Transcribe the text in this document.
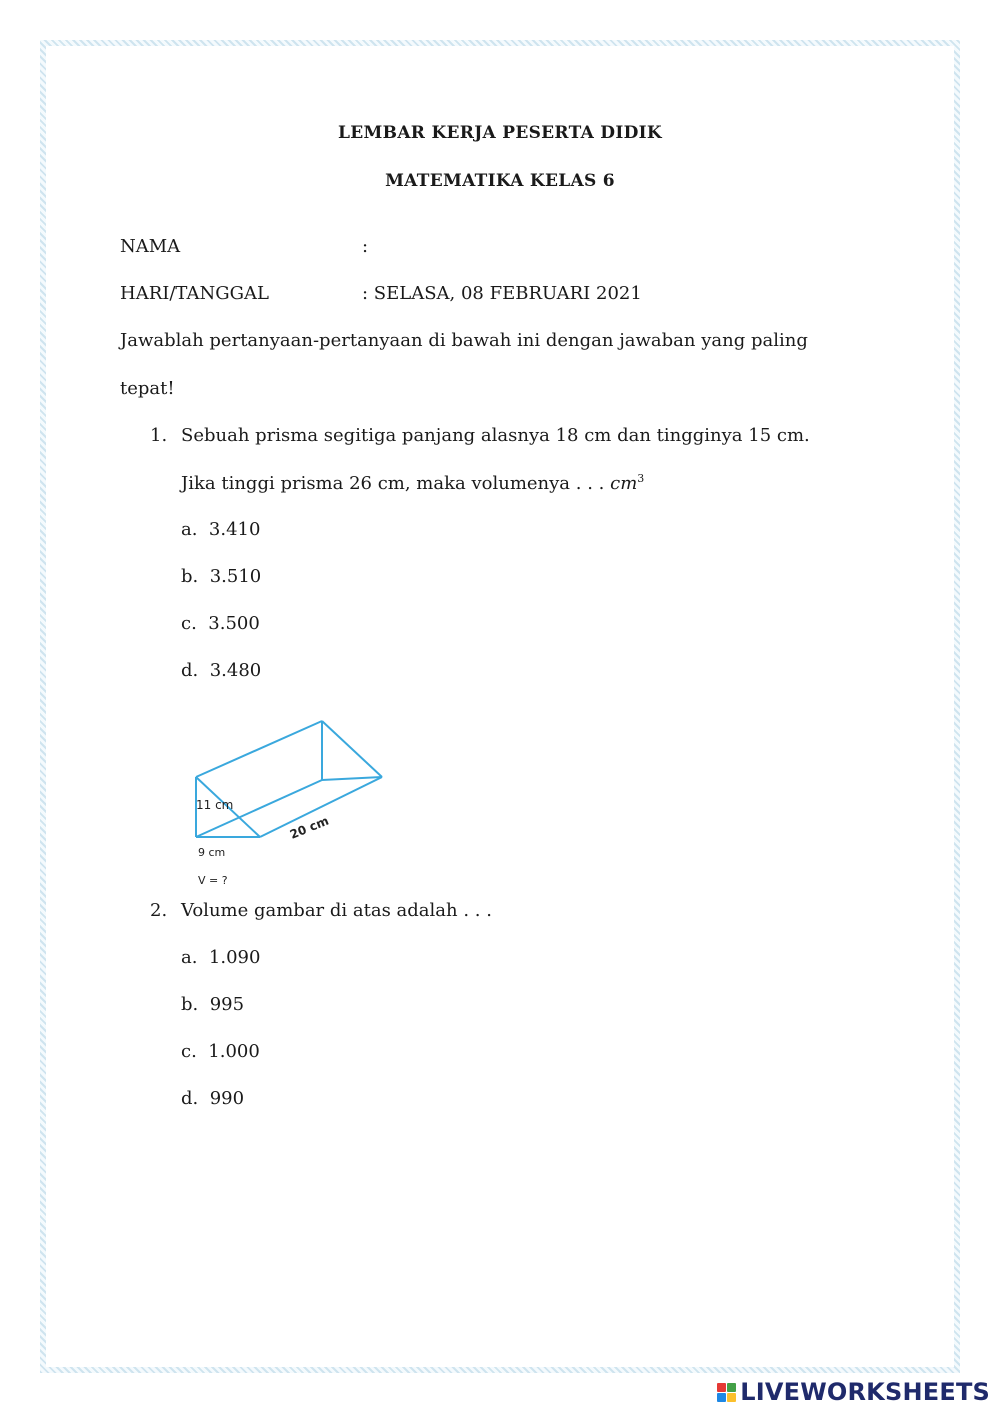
LEMBAR KERJA PESERTA DIDIK
MATEMATIKA KELAS 6
NAMA	:
HARI/TANGGAL	: SELASA, 08 FEBRUARI 2021
Jawablah pertanyaan-pertanyaan di bawah ini dengan jawaban yang paling
tepat!
1. Sebuah prisma segitiga panjang alasnya 18 cm dan tingginya 15 cm.
Jika tinggi prisma 26 cm, maka volumenya . . . $cm^3$
a. 3.410
b. 3.510
c. 3.500
d. 3.480
11 cm
20 cm
9 cm
V = ?
2. Volume gambar di atas adalah . . .
a. 1.090
b. 995
c. 1.000
d. 990
LIVEWORKSHEETS
